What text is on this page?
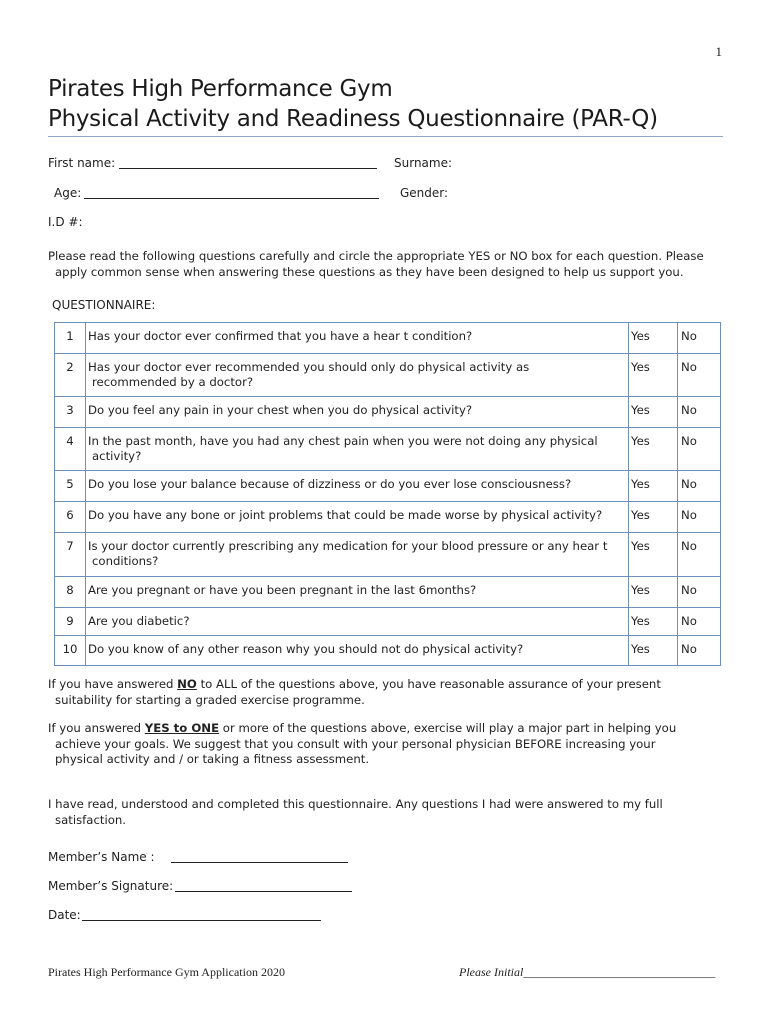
1
Pirates High Performance Gym
Physical Activity and Readiness Questionnaire (PAR-Q)
First name:	Surname:
Age:	Gender:
I.D #:
Please read the following questions carefully and circle the appropriate YES or NO box for each question. Please
apply common sense when answering these questions as they have been designed to help us support you.
QUESTIONNAIRE:
1	Has your doctor ever confirmed that you have a hear t condition?	Yes	No
2	Has your doctor ever recommended you should only do physical activity as
recommended by a doctor?	Yes	No
3	Do you feel any pain in your chest when you do physical activity?	Yes	No
4	In the past month, have you had any chest pain when you were not doing any physical
activity?	Yes	No
5	Do you lose your balance because of dizziness or do you ever lose consciousness?	Yes	No
6	Do you have any bone or joint problems that could be made worse by physical activity?	Yes	No
7	Is your doctor currently prescribing any medication for your blood pressure or any hear t
conditions?	Yes	No
8	Are you pregnant or have you been pregnant in the last 6months?	Yes	No
9	Are you diabetic?	Yes	No
10	Do you know of any other reason why you should not do physical activity?	Yes	No
If you have answered NO to ALL of the questions above, you have reasonable assurance of your present
suitability for starting a graded exercise programme.
If you answered YES to ONE or more of the questions above, exercise will play a major part in helping you
achieve your goals. We suggest that you consult with your personal physician BEFORE increasing your
physical activity and / or taking a fitness assessment.
I have read, understood and completed this questionnaire. Any questions I had were answered to my full
satisfaction.
Member’s Name :
Member’s Signature:
Date:
Pirates High Performance Gym Application 2020	Please Initial________________________________
